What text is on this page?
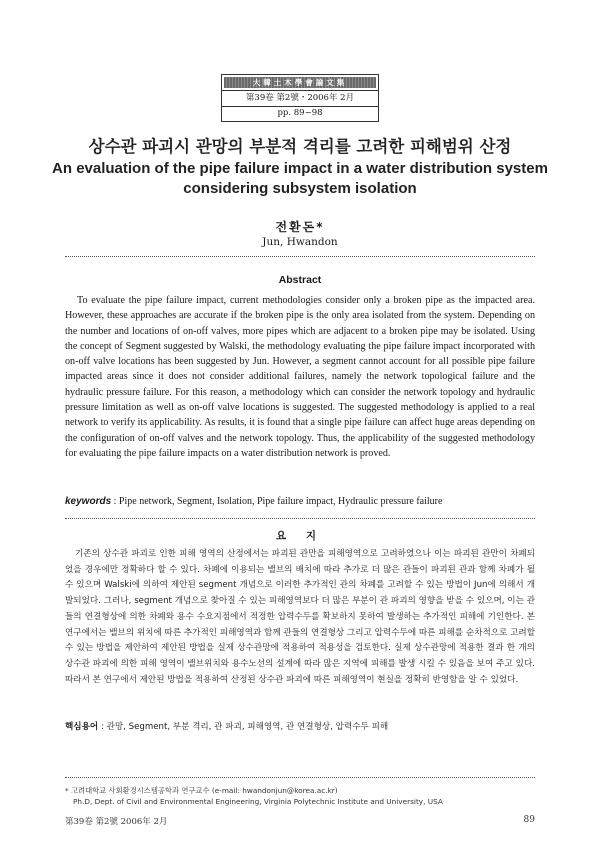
大韓土木學會論文集
第39卷 第2號・2006年 2月
pp. 89~98
상수관 파괴시 관망의 부분적 격리를 고려한 피해범위 산정
An evaluation of the pipe failure impact in a water distribution system
considering subsystem isolation
전환돈*
Jun, Hwandon
Abstract

To evaluate the pipe failure impact, current methodologies consider only a broken pipe as the impacted area. However, these approaches are accurate if the broken pipe is the only area isolated from the system. Depending on the number and locations of on-off valves, more pipes which are adjacent to a broken pipe may be isolated. Using the concept of Segment suggested by Walski, the methodology evaluating the pipe failure impact incorporated with on-off valve locations has been suggested by Jun. However, a segment cannot account for all possible pipe failure impacted areas since it does not consider additional failures, namely the network topological failure and the hydraulic pressure failure. For this reason, a methodology which can consider the network topology and hydraulic pressure limitation as well as on-off valve locations is suggested. The suggested methodology is applied to a real network to verify its applicability. As results, it is found that a single pipe failure can affect huge areas depending on the configuration of on-off valves and the network topology. Thus, the applicability of the suggested methodology for evaluating the pipe failure impacts on a water distribution network is proved.

keywords : Pipe network, Segment, Isolation, Pipe failure impact, Hydraulic pressure failure
요 지

기존의 상수관 파괴로 인한 피해 영역의 산정에서는 파괴된 관만을 피해영역으로 고려하였으나 이는 파괴된 관만이 차폐되었을 경우에만 정확하다 할 수 있다. 차폐에 이용되는 밸브의 배치에 따라 추가로 더 많은 관들이 파괴된 관과 함께 차폐가 될 수 있으며 Walski에 의하여 제안된 segment 개념으로 이러한 추가적인 관의 차폐를 고려할 수 있는 방법이 Jun에 의해서 개발되었다. 그러나, segment 개념으로 찾아질 수 있는 피해영역보다 더 많은 부분이 관 파괴의 영향을 받을 수 있으며, 이는 관들의 연결형상에 의한 차폐와 용수 수요지점에서 적정한 압력수두를 확보하지 못하여 발생하는 추가적인 피해에 기인한다. 본 연구에서는 밸브의 위치에 따른 추가적인 피해영역과 함께 관들의 연결형상 그리고 압력수두에 따른 피해를 순차적으로 고려할 수 있는 방법을 제안하여 제안된 방법을 실제 상수관망에 적용하여 적용성을 검토한다. 실제 상수관망에 적용한 결과 한 개의 상수관 파괴에 의한 피해 영역이 밸브위치와 용수노선의 설계에 따라 많은 지역에 피해를 발생 시킬 수 있음을 보여 주고 있다. 따라서 본 연구에서 제안된 방법을 적용하여 산정된 상수관 파괴에 따른 피해영역이 현실을 정확히 반영함을 알 수 있었다.

핵심용어 : 관망, Segment, 부분 격리, 관 파괴, 피해영역, 관 연결형상, 압력수두 피해
* 고려대학교 사회환경시스템공학과 연구교수 (e-mail: hwandonjun@korea.ac.kr)
Ph.D, Dept. of Civil and Environmental Engineering, Virginia Polytechnic Institute and University, USA
第39卷 第2號 2006年 2月	89
